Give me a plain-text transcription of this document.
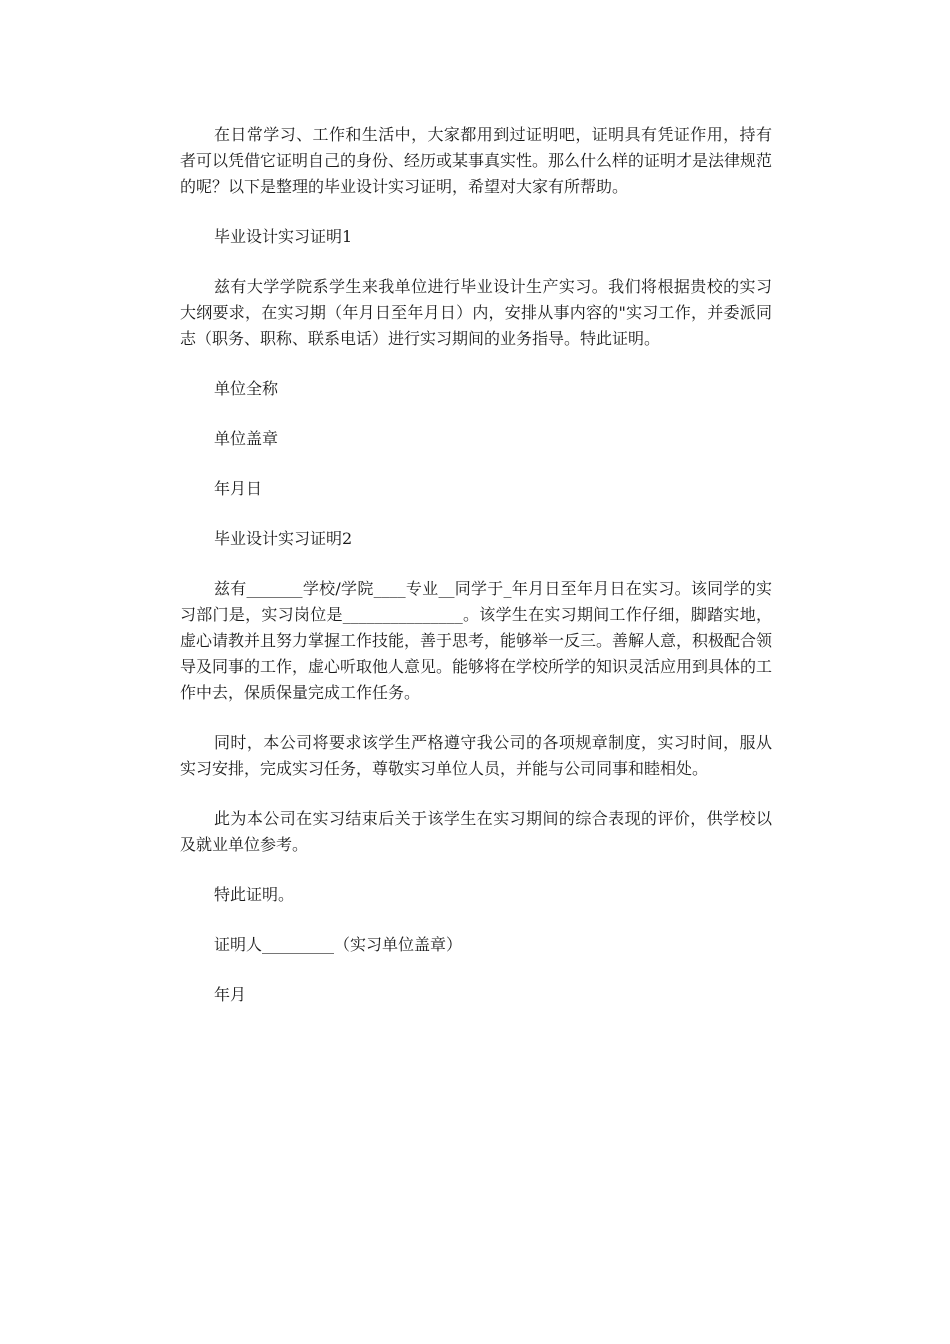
在日常学习、工作和生活中，大家都用到过证明吧，证明具有凭证作用，持有者可以凭借它证明自己的身份、经历或某事真实性。那么什么样的证明才是法律规范的呢？以下是整理的毕业设计实习证明，希望对大家有所帮助。

毕业设计实习证明1

兹有大学学院系学生来我单位进行毕业设计生产实习。我们将根据贵校的实习大纲要求，在实习期（年月日至年月日）内，安排从事内容的"实习工作，并委派同志（职务、职称、联系电话）进行实习期间的业务指导。特此证明。

单位全称

单位盖章

年月日

毕业设计实习证明2

兹有_______学校/学院____专业__同学于_年月日至年月日在实习。该同学的实习部门是，实习岗位是_______________。该学生在实习期间工作仔细，脚踏实地，虚心请教并且努力掌握工作技能，善于思考，能够举一反三。善解人意，积极配合领导及同事的工作，虚心听取他人意见。能够将在学校所学的知识灵活应用到具体的工作中去，保质保量完成工作任务。

同时，本公司将要求该学生严格遵守我公司的各项规章制度，实习时间，服从实习安排，完成实习任务，尊敬实习单位人员，并能与公司同事和睦相处。

此为本公司在实习结束后关于该学生在实习期间的综合表现的评价，供学校以及就业单位参考。

特此证明。

证明人_________（实习单位盖章）

年月
